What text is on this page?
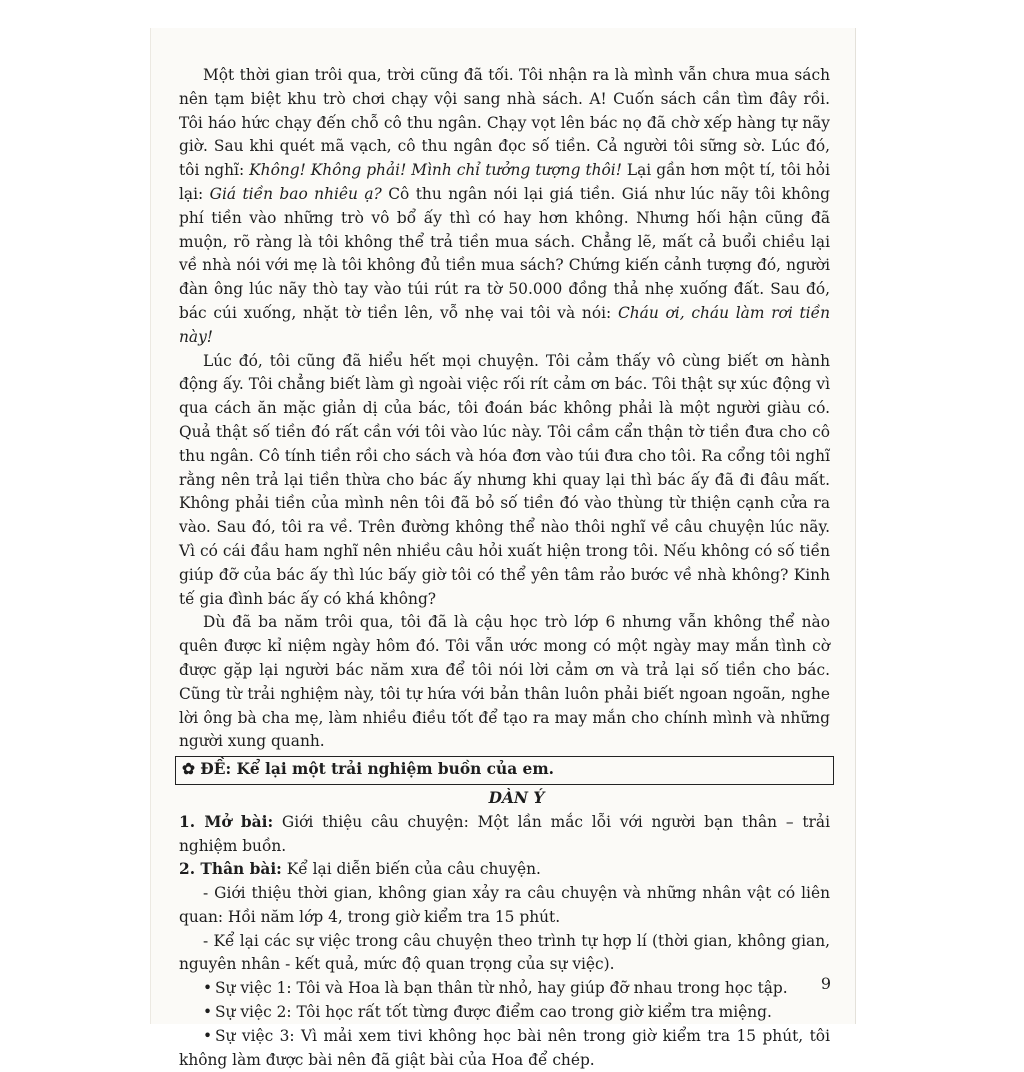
Một thời gian trôi qua, trời cũng đã tối. Tôi nhận ra là mình vẫn chưa mua sách nên tạm biệt khu trò chơi chạy vội sang nhà sách. A! Cuốn sách cần tìm đây rồi. Tôi háo hức chạy đến chỗ cô thu ngân. Chạy vọt lên bác nọ đã chờ xếp hàng tự nãy giờ. Sau khi quét mã vạch, cô thu ngân đọc số tiền. Cả người tôi sững sờ. Lúc đó, tôi nghĩ: Không! Không phải! Mình chỉ tưởng tượng thôi! Lại gần hơn một tí, tôi hỏi lại: Giá tiền bao nhiêu ạ? Cô thu ngân nói lại giá tiền. Giá như lúc nãy tôi không phí tiền vào những trò vô bổ ấy thì có hay hơn không. Nhưng hối hận cũng đã muộn, rõ ràng là tôi không thể trả tiền mua sách. Chẳng lẽ, mất cả buổi chiều lại về nhà nói với mẹ là tôi không đủ tiền mua sách? Chứng kiến cảnh tượng đó, người đàn ông lúc nãy thò tay vào túi rút ra tờ 50.000 đồng thả nhẹ xuống đất. Sau đó, bác cúi xuống, nhặt tờ tiền lên, vỗ nhẹ vai tôi và nói: Cháu ơi, cháu làm rơi tiền này!

Lúc đó, tôi cũng đã hiểu hết mọi chuyện. Tôi cảm thấy vô cùng biết ơn hành động ấy. Tôi chẳng biết làm gì ngoài việc rối rít cảm ơn bác. Tôi thật sự xúc động vì qua cách ăn mặc giản dị của bác, tôi đoán bác không phải là một người giàu có. Quả thật số tiền đó rất cần với tôi vào lúc này. Tôi cầm cẩn thận tờ tiền đưa cho cô thu ngân. Cô tính tiền rồi cho sách và hóa đơn vào túi đưa cho tôi. Ra cổng tôi nghĩ rằng nên trả lại tiền thừa cho bác ấy nhưng khi quay lại thì bác ấy đã đi đâu mất. Không phải tiền của mình nên tôi đã bỏ số tiền đó vào thùng từ thiện cạnh cửa ra vào. Sau đó, tôi ra về. Trên đường không thể nào thôi nghĩ về câu chuyện lúc nãy. Vì có cái đầu ham nghĩ nên nhiều câu hỏi xuất hiện trong tôi. Nếu không có số tiền giúp đỡ của bác ấy thì lúc bấy giờ tôi có thể yên tâm rảo bước về nhà không? Kinh tế gia đình bác ấy có khá không?

Dù đã ba năm trôi qua, tôi đã là cậu học trò lớp 6 nhưng vẫn không thể nào quên được kỉ niệm ngày hôm đó. Tôi vẫn ước mong có một ngày may mắn tình cờ được gặp lại người bác năm xưa để tôi nói lời cảm ơn và trả lại số tiền cho bác. Cũng từ trải nghiệm này, tôi tự hứa với bản thân luôn phải biết ngoan ngoãn, nghe lời ông bà cha mẹ, làm nhiều điều tốt để tạo ra may mắn cho chính mình và những người xung quanh.

✿ ĐỀ: Kể lại một trải nghiệm buồn của em.

DÀN Ý

1. Mở bài: Giới thiệu câu chuyện: Một lần mắc lỗi với người bạn thân – trải nghiệm buồn.

2. Thân bài: Kể lại diễn biến của câu chuyện.

- Giới thiệu thời gian, không gian xảy ra câu chuyện và những nhân vật có liên quan: Hồi năm lớp 4, trong giờ kiểm tra 15 phút.

- Kể lại các sự việc trong câu chuyện theo trình tự hợp lí (thời gian, không gian, nguyên nhân - kết quả, mức độ quan trọng của sự việc).

• Sự việc 1: Tôi và Hoa là bạn thân từ nhỏ, hay giúp đỡ nhau trong học tập.

• Sự việc 2: Tôi học rất tốt từng được điểm cao trong giờ kiểm tra miệng.

• Sự việc 3: Vì mải xem tivi không học bài nên trong giờ kiểm tra 15 phút, tôi không làm được bài nên đã giật bài của Hoa để chép.

9
